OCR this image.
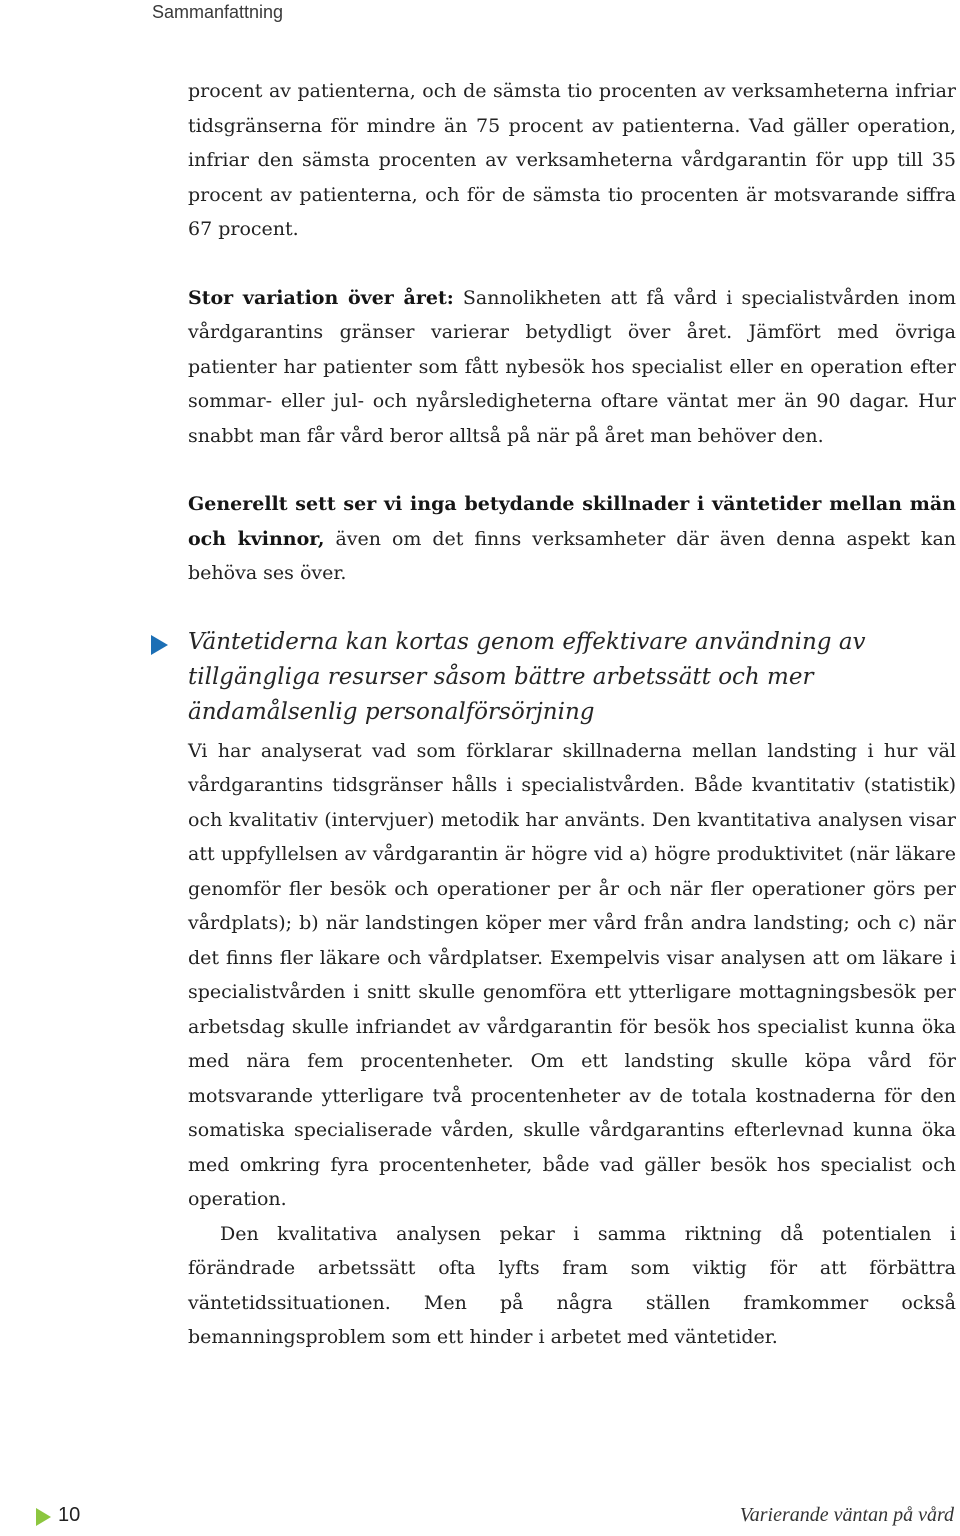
Sammanfattning

procent av patienterna, och de sämsta tio procenten av verksamheterna infriar tidsgränserna för mindre än 75 procent av patienterna. Vad gäller operation, infriar den sämsta procenten av verksamheterna vårdgarantin för upp till 35 procent av patienterna, och för de sämsta tio procenten är motsvarande siffra 67 procent.

Stor variation över året: Sannolikheten att få vård i specialistvården inom vårdgarantins gränser varierar betydligt över året. Jämfört med övriga patienter har patienter som fått nybesök hos specialist eller en operation efter sommar- eller jul- och nyårsledigheterna oftare väntat mer än 90 dagar. Hur snabbt man får vård beror alltså på när på året man behöver den.

Generellt sett ser vi inga betydande skillnader i väntetider mellan män och kvinnor, även om det finns verksamheter där även denna aspekt kan behöva ses över.

Väntetiderna kan kortas genom effektivare användning av tillgängliga resurser såsom bättre arbetssätt och mer ändamålsenlig personalförsörjning

Vi har analyserat vad som förklarar skillnaderna mellan landsting i hur väl vårdgarantins tidsgränser hålls i specialistvården. Både kvantitativ (statistik) och kvalitativ (intervjuer) metodik har använts. Den kvantitativa analysen visar att uppfyllelsen av vårdgarantin är högre vid a) högre produktivitet (när läkare genomför fler besök och operationer per år och när fler operationer görs per vårdplats); b) när landstingen köper mer vård från andra landsting; och c) när det finns fler läkare och vårdplatser. Exempelvis visar analysen att om läkare i specialistvården i snitt skulle genomföra ett ytterligare mottagningsbesök per arbetsdag skulle infriandet av vårdgarantin för besök hos specialist kunna öka med nära fem procentenheter. Om ett landsting skulle köpa vård för motsvarande ytterligare två procentenheter av de totala kostnaderna för den somatiska specialiserade vården, skulle vårdgarantins efterlevnad kunna öka med omkring fyra procentenheter, både vad gäller besök hos specialist och operation.

Den kvalitativa analysen pekar i samma riktning då potentialen i förändrade arbetssätt ofta lyfts fram som viktig för att förbättra väntetidssituationen. Men på några ställen framkommer också bemanningsproblem som ett hinder i arbetet med väntetider.

10	Varierande väntan på vård
